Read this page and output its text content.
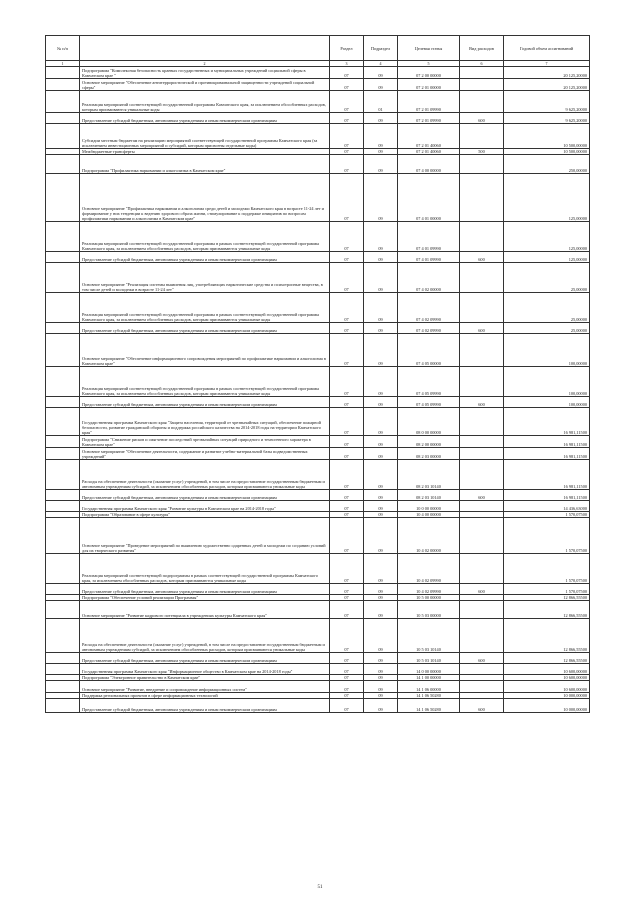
№ п/п		Раздел	Подраздел	Целевая статья	Вид расходов	Годовой объем ассигнований
1	2	3	4	5	6	7
	Подпрограмма "Комплексная безопасность краевых государственных и муниципальных учреждений социальной сферы в Камчатском крае "	07	09	07 2 00 00000		20 125,20000
	Основное мероприятие "Обеспечение антитеррористической и противокриминальной защищенности учреждений социальной сферы"	07	09	07 2 01 00000		20 125,20000
	Реализация мероприятий соответствующей государственной программы Камчатского края, за исключением обособленных расходов, которым присваиваются уникальные коды	07	01	07 2 01 09990		9 625,20000
	Предоставление субсидий бюджетным, автономным учреждениям и иным некоммерческим организациям	07	09	07 2 01 09990	600	9 625,20000
	Субсидии местным бюджетам на реализацию мероприятий соответствующей государственной программы Камчатского края (за исключением инвестиционных мероприятий и субсидий, которым присвоены отдельные коды)	07	09	07 2 01 40060		10 500,00000
	Межбюджетные трансферты	07	09	07 2 01 40060	500	10 500,00000
	Подпрограмма "Профилактика наркомании и алкоголизма в Камчатском крае"	07	09	07 4 00 00000		250,00000
	Основное мероприятие "Профилактика наркомании и алкоголизма среди детей и молодежи Камчатского края в возрасте 11-24 лет и формирование у них тенденции к ведению здорового образа жизни, стимулирование к поддержке инициатив по вопросам профилактики наркомании и алкоголизма в Камчатском крае"	07	09	07 4 01 00000		125,00000
	Реализация мероприятий соответствующей государственной программы в рамках соответствующей государственной программы Камчатского края, за исключением обособленных расходов, которым присваиваются уникальные коды	07	09	07 4 01 09990		125,00000
	Предоставление субсидий бюджетным, автономным учреждениям и иным некоммерческим организациям	07	09	07 4 01 09990	600	125,00000
	Основное мероприятие "Реализация системы выявления лиц, употребляющих наркотические средства и психотропные вещества, в том числе детей и молодежи в возрасте 11-24 лет"	07	09	07 4 02 00000		25,00000
	Реализация мероприятий соответствующей государственной программы в рамках соответствующей государственной программы Камчатского края, за исключением обособленных расходов, которым присваиваются уникальные коды	07	09	07 4 02 09990		25,00000
	Предоставление субсидий бюджетным, автономным учреждениям и иным некоммерческим организациям	07	09	07 4 02 09990	600	25,00000
	Основное мероприятие "Обеспечение информационного сопровождения мероприятий по профилактике наркомании и алкоголизма в Камчатском крае"	07	09	07 4 05 00000		100,00000
	Реализация мероприятий соответствующей государственной программы в рамках соответствующей государственной программы Камчатского края, за исключением обособленных расходов, которым присваиваются уникальные коды	07	09	07 4 05 09990		100,00000
	Предоставление субсидий бюджетным, автономным учреждениям и иным некоммерческим организациям	07	09	07 4 05 09990	600	100,00000
	Государственная программа Камчатского края "Защита населения, территорий от чрезвычайных ситуаций, обеспечение пожарной безопасности, развитие гражданской обороны и поддержка российского казачества на 2014-2018 годы на территории Камчатского края"	07	09	08 0 00 00000		16 981,11500
	Подпрограмма "Снижение рисков и смягчение последствий чрезвычайных ситуаций природного и техногенного характера в Камчатском крае"	07	09	08 2 00 00000		16 981,11500
	Основное мероприятие "Обеспечение деятельности, содержание и развитие учебно-материальной базы подведомственных учреждений"	07	09	08 2 03 00000		16 981,11500
	Расходы на обеспечение деятельности (оказание услуг) учреждений, в том числе на предоставление государственным бюджетным и автономным учреждениям субсидий, за исключением обособленных расходов, которым присваиваются уникальные коды	07	09	08 2 03 10140		16 981,11500
	Предоставление субсидий бюджетным, автономным учреждениям и иным некоммерческим организациям	07	09	08 2 03 10140	600	16 981,11500
	Государственная программа Камчатского края "Развитие культуры в Камчатском крае на 2014-2018 годы"	07	09	10 0 00 00000		14 436,63000
	Подпрограмма "Образование в сфере культуры"	07	09	10 4 00 00000		1 570,07500
	Основное мероприятие "Проведение мероприятий по выявлению художественно одаренных детей и молодежи по созданию условий для их творческого развития"	07	09	10 4 02 00000		1 570,07500
	Реализация мероприятий соответствующей подпрограммы в рамках соответствующей государственной программы Камчатского края, за исключением обособленных расходов, которым присваиваются уникальные коды	07	09	10 4 02 09990		1 570,07500
	Предоставление субсидий бюджетным, автономным учреждениям и иным некоммерческим организациям	07	09	10 4 02 09990	600	1 570,07500
	Подпрограмма "Обеспечение условий реализации Программы"	07	09	10 5 00 00000		12 866,55500
	Основное мероприятие "Развитие кадрового потенциала в учреждениях культуры Камчатского края"	07	09	10 5 03 00000		12 866,55500
	Расходы на обеспечение деятельности (оказание услуг) учреждений, в том числе на предоставление государственным бюджетным и автономным учреждениям субсидий, за исключением обособленных расходов, которым присваиваются уникальные коды	07	09	10 5 03 10140		12 866,55500
	Предоставление субсидий бюджетным, автономным учреждениям и иным некоммерческим организациям	07	09	10 5 03 10140	600	12 866,55500
	Государственная программа Камчатского края "Информационное общество в Камчатском крае на 2014-2018 годы"	07	09	14 0 00 00000		10 600,00000
	Подпрограмма "Электронное правительство в Камчатском крае"	07	09	14 1 00 00000		10 600,00000
	Основное мероприятие "Развитие, внедрение и сопровождение информационных систем"	07	09	14 1 06 00000		10 600,00000
	Поддержка региональных проектов в сфере информационных технологий	07	09	14 1 06 50280		10 000,00000
	Предоставление субсидий бюджетным, автономным учреждениям и иным некоммерческим организациям	07	09	14 1 06 50280	600	10 000,00000
51
